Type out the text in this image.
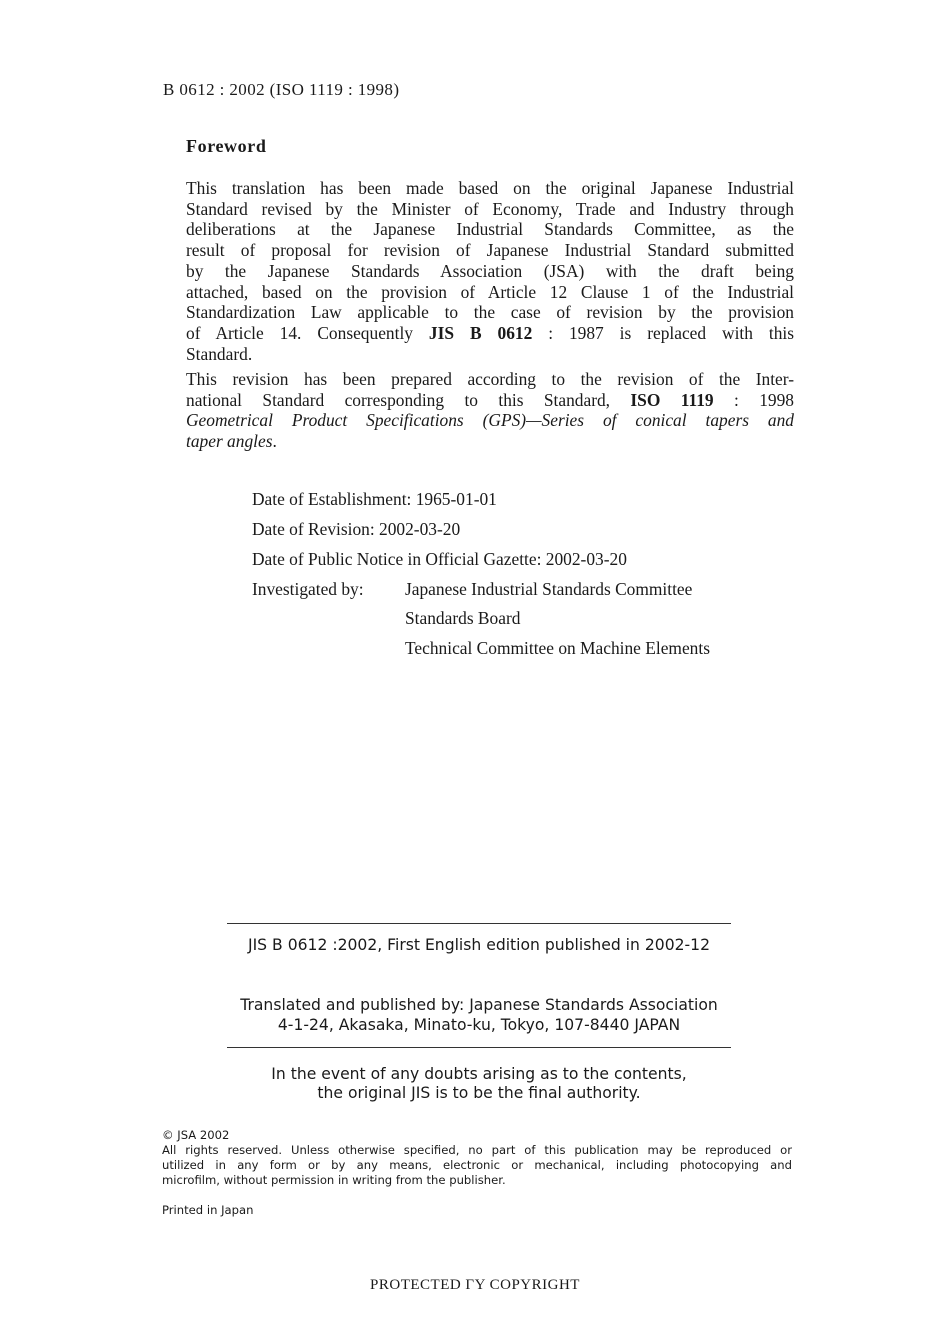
B 0612 : 2002 (ISO 1119 : 1998)
Foreword
This translation has been made based on the original Japanese Industrial
Standard revised by the Minister of Economy, Trade and Industry through
deliberations at the Japanese Industrial Standards Committee, as the
result of proposal for revision of Japanese Industrial Standard submitted
by the Japanese Standards Association (JSA) with the draft being
attached, based on the provision of Article 12 Clause 1 of the Industrial
Standardization Law applicable to the case of revision by the provision
of Article 14. Consequently JIS B 0612 : 1987 is replaced with this
Standard.
This revision has been prepared according to the revision of the Inter-
national Standard corresponding to this Standard, ISO 1119 : 1998
Geometrical Product Specifications (GPS)—Series of conical tapers and
taper angles.
Date of Establishment: 1965-01-01
Date of Revision: 2002-03-20
Date of Public Notice in Official Gazette: 2002-03-20
Investigated by: Japanese Industrial Standards Committee
Standards Board
Technical Committee on Machine Elements
JIS B 0612 :2002, First English edition published in 2002-12
Translated and published by: Japanese Standards Association
4-1-24, Akasaka, Minato-ku, Tokyo, 107-8440 JAPAN
In the event of any doubts arising as to the contents,
the original JIS is to be the final authority.
© JSA 2002
All rights reserved. Unless otherwise specified, no part of this publication may be reproduced or
utilized in any form or by any means, electronic or mechanical, including photocopying and
microfilm, without permission in writing from the publisher.
Printed in Japan
PROTECTED ΓY COPYRIGHT
